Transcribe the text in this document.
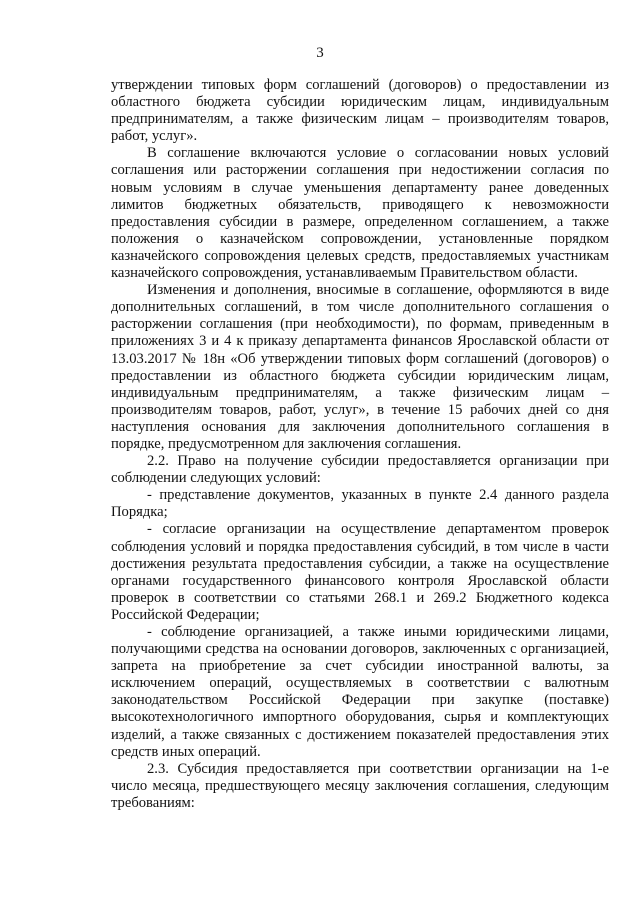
3

утверждении типовых форм соглашений (договоров) о предоставлении из областного бюджета субсидии юридическим лицам, индивидуальным предпринимателям, а также физическим лицам – производителям товаров, работ, услуг».

В соглашение включаются условие о согласовании новых условий соглашения или расторжении соглашения при недостижении согласия по новым условиям в случае уменьшения департаменту ранее доведенных лимитов бюджетных обязательств, приводящего к невозможности предоставления субсидии в размере, определенном соглашением, а также положения о казначейском сопровождении, установленные порядком казначейского сопровождения целевых средств, предоставляемых участникам казначейского сопровождения, устанавливаемым Правительством области.

Изменения и дополнения, вносимые в соглашение, оформляются в виде дополнительных соглашений, в том числе дополнительного соглашения о расторжении соглашения (при необходимости), по формам, приведенным в приложениях 3 и 4 к приказу департамента финансов Ярославской области от 13.03.2017 № 18н «Об утверждении типовых форм соглашений (договоров) о предоставлении из областного бюджета субсидии юридическим лицам, индивидуальным предпринимателям, а также физическим лицам – производителям товаров, работ, услуг», в течение 15 рабочих дней со дня наступления основания для заключения дополнительного соглашения в порядке, предусмотренном для заключения соглашения.

2.2. Право на получение субсидии предоставляется организации при соблюдении следующих условий:

- представление документов, указанных в пункте 2.4 данного раздела Порядка;

- согласие организации на осуществление департаментом проверок соблюдения условий и порядка предоставления субсидий, в том числе в части достижения результата предоставления субсидии, а также на осуществление органами государственного финансового контроля Ярославской области проверок в соответствии со статьями 268.1 и 269.2 Бюджетного кодекса Российской Федерации;

- соблюдение организацией, а также иными юридическими лицами, получающими средства на основании договоров, заключенных с организацией, запрета на приобретение за счет субсидии иностранной валюты, за исключением операций, осуществляемых в соответствии с валютным законодательством Российской Федерации при закупке (поставке) высокотехнологичного импортного оборудования, сырья и комплектующих изделий, а также связанных с достижением показателей предоставления этих средств иных операций.

2.3. Субсидия предоставляется при соответствии организации на 1-е число месяца, предшествующего месяцу заключения соглашения, следующим требованиям:
